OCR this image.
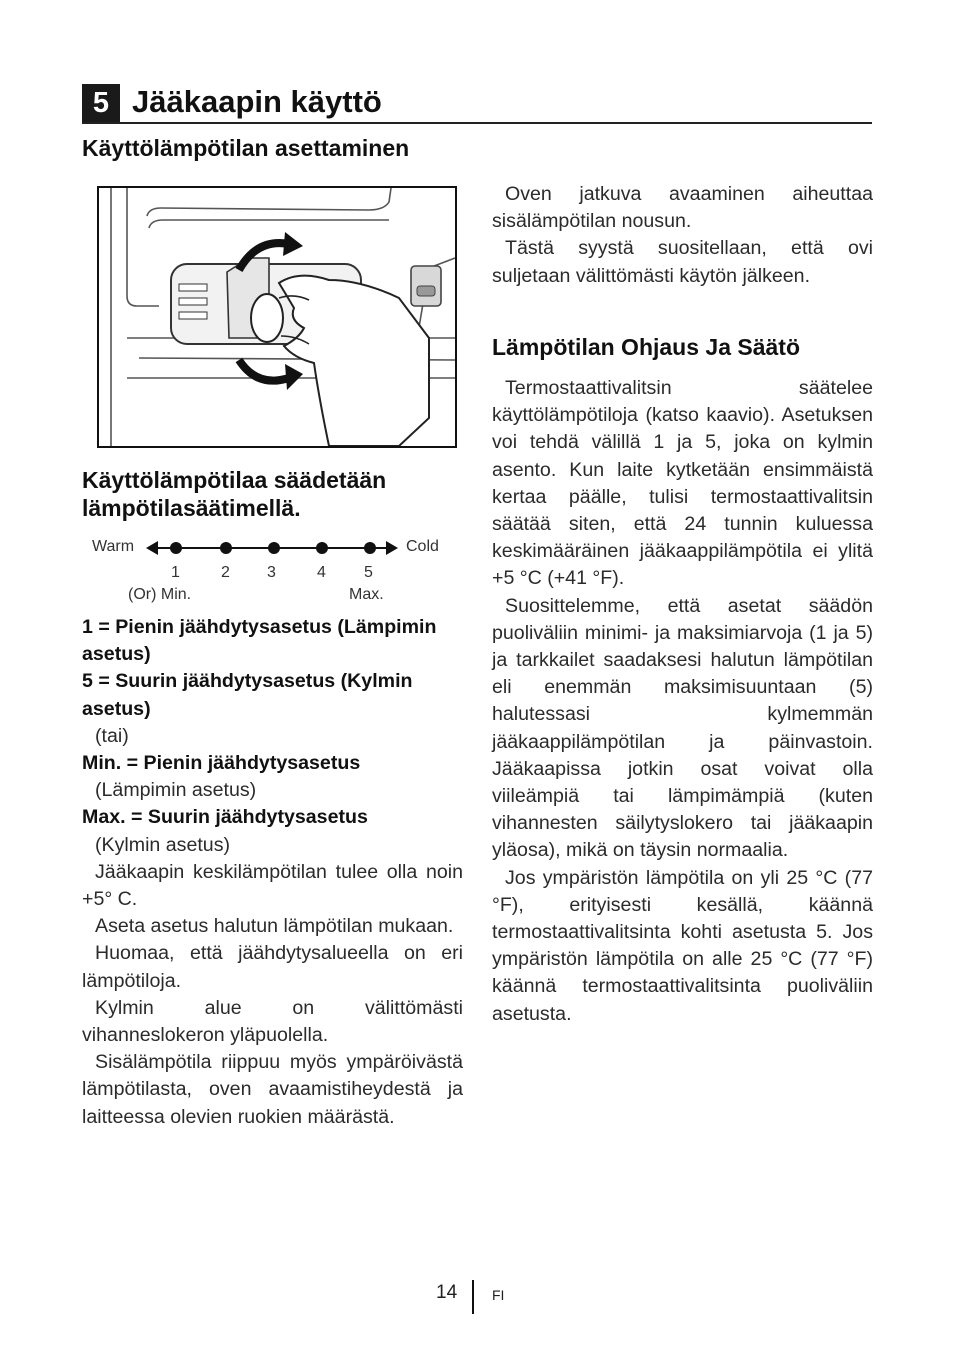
5 Jääkaapin käyttö
Käyttölämpötilan asettaminen
Käyttölämpötilaa säädetään lämpötilasäätimellä.
Warm	Cold
1	2 3	4 5
(Or) Min.	Max.

1 = Pienin jäähdytysasetus (Lämpimin asetus)

5 = Suurin jäähdytysasetus (Kylmin asetus)

(tai)

Min. = Pienin jäähdytysasetus

(Lämpimin asetus)

Max. = Suurin jäähdytysasetus

(Kylmin asetus)

Jääkaapin keskilämpötilan tulee olla noin +5° C.

Aseta asetus halutun lämpötilan mukaan.

Huomaa, että jäähdytysalueella on eri lämpötiloja.

Kylmin alue on välittömästi vihanneslokeron yläpuolella.

Sisälämpötila riippuu myös ympäröivästä lämpötilasta, oven avaamistiheydestä ja laitteessa olevien ruokien määrästä.

Oven jatkuva avaaminen aiheuttaa sisälämpötilan nousun.

Tästä syystä suositellaan, että ovi suljetaan välittömästi käytön jälkeen.

Lämpötilan Ohjaus Ja Säätö

Termostaattivalitsin säätelee käyttölämpötiloja (katso kaavio). Asetuksen voi tehdä välillä 1 ja 5, joka on kylmin asento. Kun laite kytketään ensimmäistä kertaa päälle, tulisi termostaattivalitsin säätää siten, että 24 tunnin kuluessa keskimääräinen jääkaappilämpötila ei ylitä +5 °C (+41 °F).

Suosittelemme, että asetat säädön puoliväliin minimi- ja maksimiarvoja (1 ja 5) ja tarkkailet saadaksesi halutun lämpötilan eli enemmän maksimisuuntaan (5) halutessasi kylmemmän jääkaappilämpötilan ja päinvastoin. Jääkaapissa jotkin osat voivat olla viileämpiä tai lämpimämpiä (kuten vihannesten säilytyslokero tai jääkaapin yläosa), mikä on täysin normaalia.

Jos ympäristön lämpötila on yli 25 °C (77 °F), erityisesti kesällä, käännä termostaattivalitsinta kohti asetusta 5. Jos ympäristön lämpötila on alle 25 °C (77 °F) käännä termostaattivalitsinta puoliväliin asetusta.

14 FI
